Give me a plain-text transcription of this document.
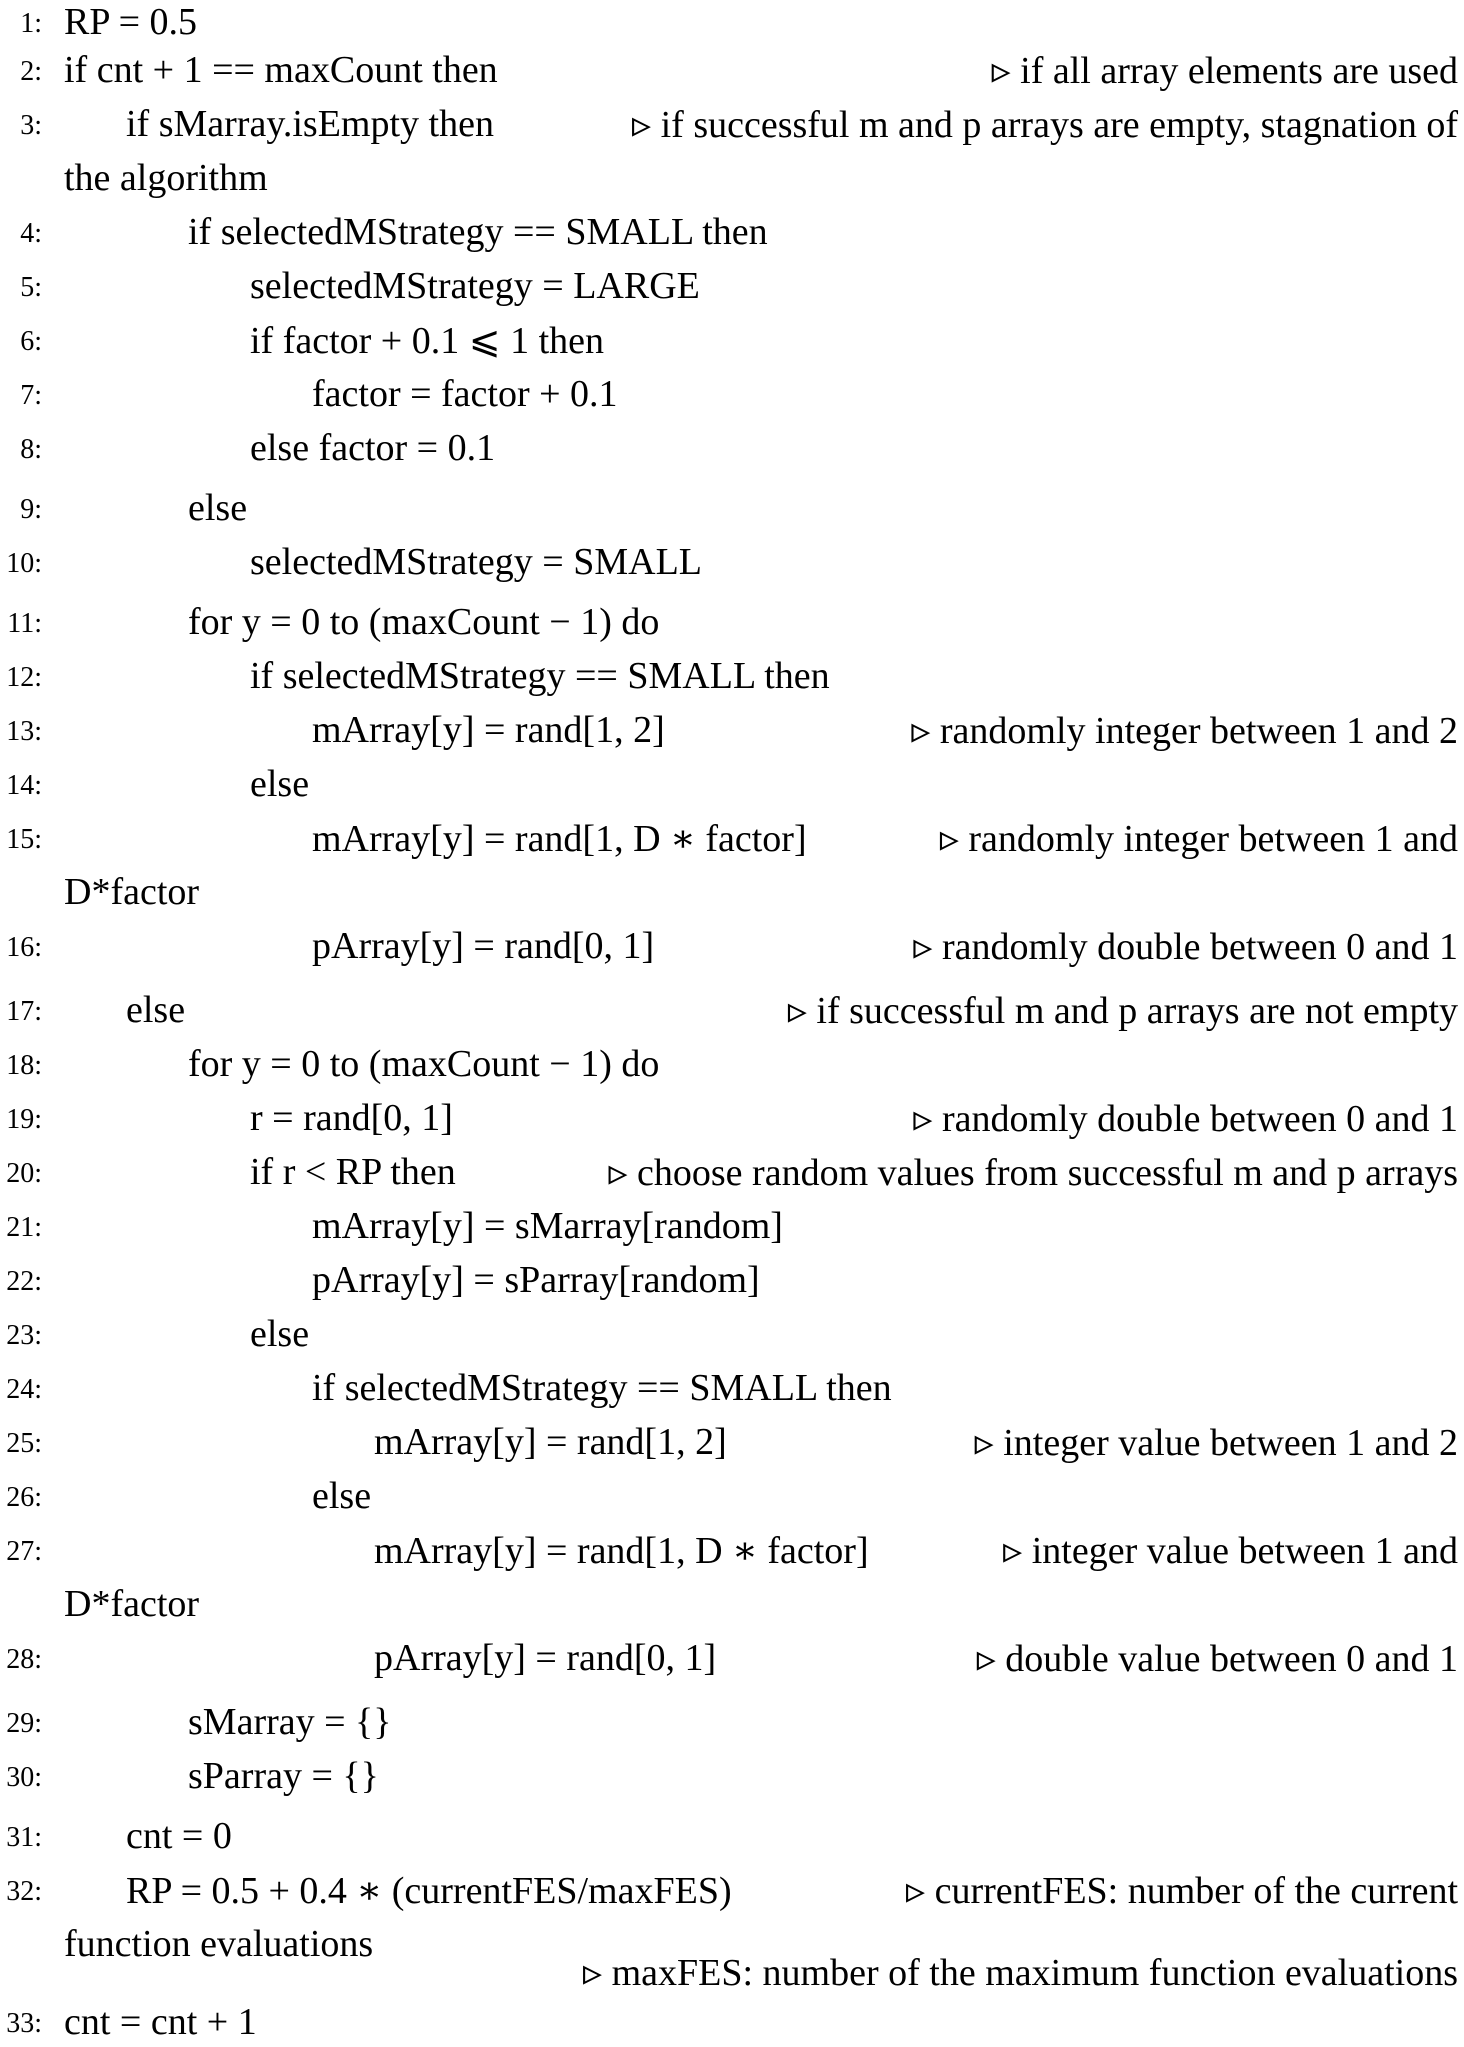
1: RP = 0.5
2: if cnt + 1 == maxCount then	▹ if all array elements are used
3: if sMarray.isEmpty then	▹ if successful m and p arrays are empty, stagnation of
the algorithm
4:	if selectedMStrategy == SMALL then
5:	selectedMStrategy = LARGE
6:	if factor + 0.1 ⩽ 1 then
7:	factor = factor + 0.1
8:	else factor = 0.1
9:	else
10:	selectedMStrategy = SMALL
11:	for y = 0 to (maxCount − 1) do
12:	if selectedMStrategy == SMALL then
13:	mArray[y] = rand[1, 2]	▹ randomly integer between 1 and 2
14:	else
15:	mArray[y] = rand[1, D ∗ factor]	▹ randomly integer between 1 and
D*factor
16:	pArray[y] = rand[0, 1]	▹ randomly double between 0 and 1
17: else	▹ if successful m and p arrays are not empty
18:	for y = 0 to (maxCount − 1) do
19:	r = rand[0, 1]	▹ randomly double between 0 and 1
20:	if r < RP then	▹ choose random values from successful m and p arrays
21:	mArray[y] = sMarray[random]
22:	pArray[y] = sParray[random]
23:	else
24:	if selectedMStrategy == SMALL then
25:	mArray[y] = rand[1, 2]	▹ integer value between 1 and 2
26:	else
27:	mArray[y] = rand[1, D ∗ factor]	▹ integer value between 1 and
D*factor
28:	pArray[y] = rand[0, 1]	▹ double value between 0 and 1
29:	sMarray = {}
30:	sParray = {}
31: cnt = 0
32: RP = 0.5 + 0.4 ∗ (currentFES/maxFES)	▹ currentFES: number of the current
function evaluations
▹ maxFES: number of the maximum function evaluations
33: cnt = cnt + 1
